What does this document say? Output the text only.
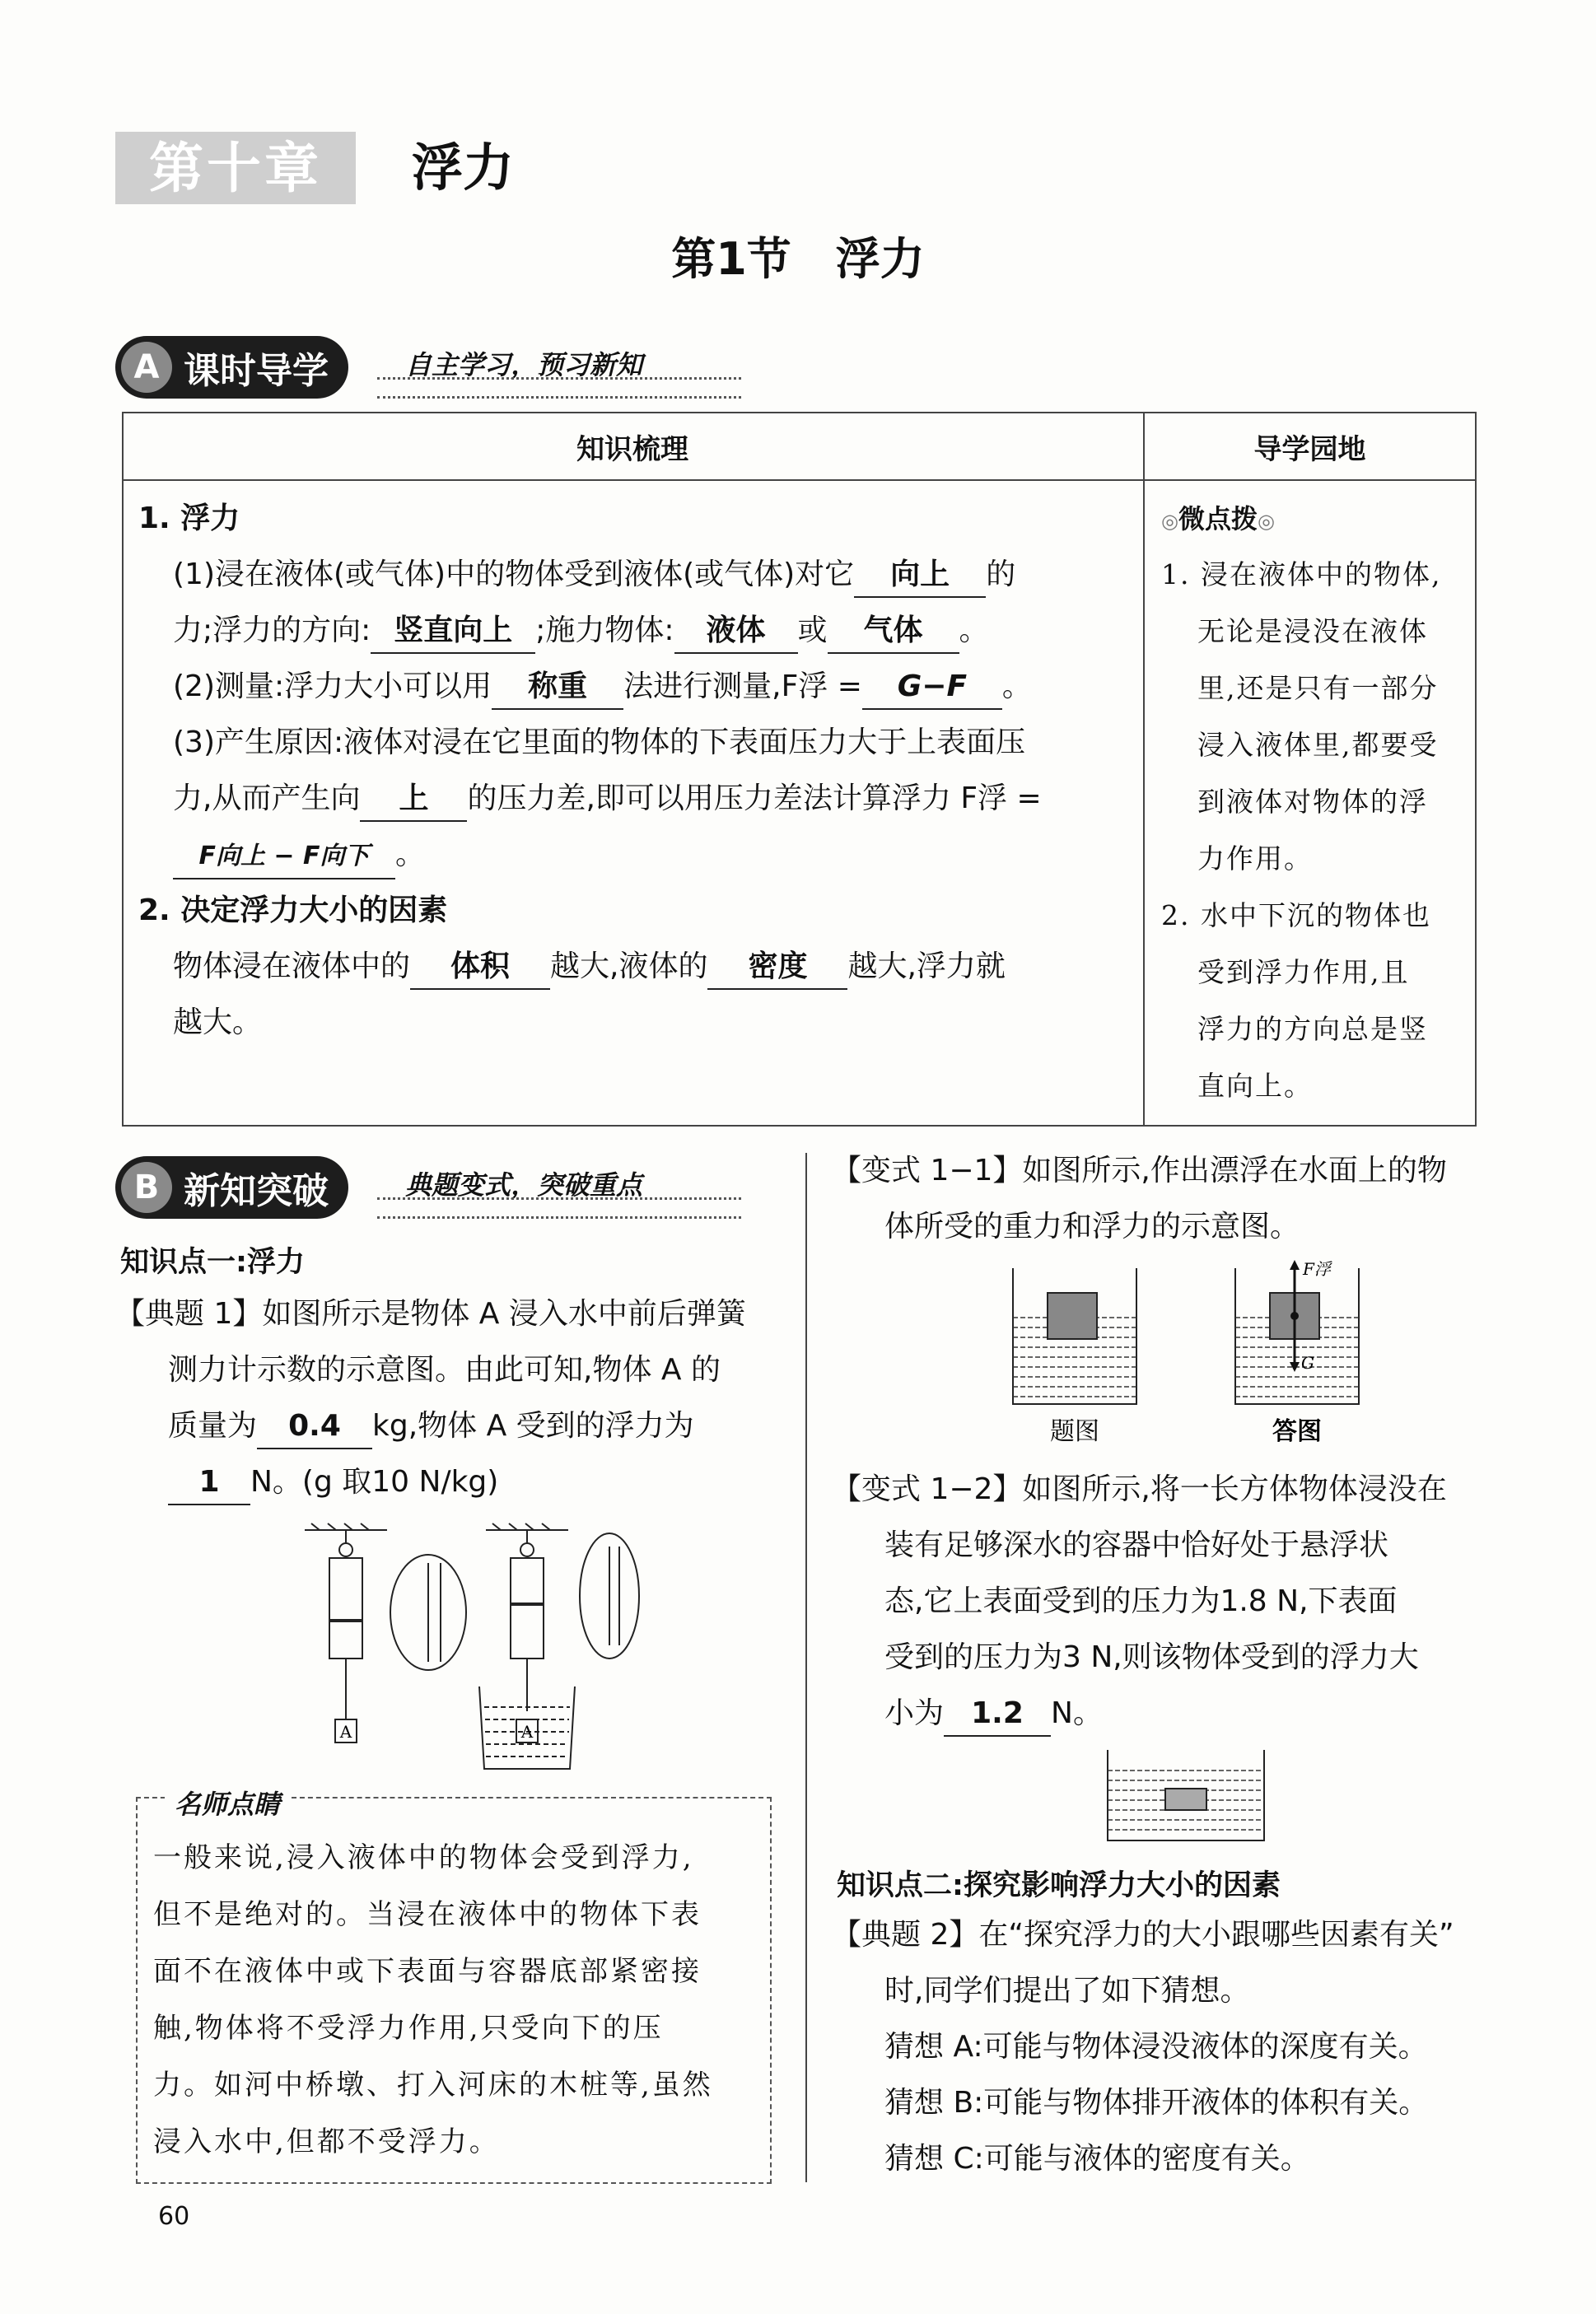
第十章	浮力
第1节　浮力
A 课时导学	自主学习，预习新知
知识梳理	导学园地
1. 浮力
(1)浸在液体(或气体)中的物体受到液体(或气体)对它 向上 的
力;浮力的方向: 竖直向上 ;施力物体: 液体 或 气体 。
(2)测量:浮力大小可以用 称重 法进行测量,F浮 = G−F 。
(3)产生原因:液体对浸在它里面的物体的下表面压力大于上表面压
力,从而产生向 上 的压力差,即可以用压力差法计算浮力 F浮 =
F向上 − F向下 。
2. 决定浮力大小的因素
物体浸在液体中的 体积 越大,液体的 密度 越大,浮力就
越大。
◎微点拨◎
1. 浸在液体中的物体,
无论是浸没在液体
里,还是只有一部分
浸入液体里,都要受
到液体对物体的浮
力作用。
2. 水中下沉的物体也
受到浮力作用,且
浮力的方向总是竖
直向上。
B 新知突破	典题变式，突破重点
知识点一:浮力
【典题 1】如图所示是物体 A 浸入水中前后弹簧
测力计示数的示意图。由此可知,物体 A 的
质量为 0.4 kg,物体 A 受到的浮力为
1 N。(g 取10 N/kg)
A	A
名师点睛
一般来说,浸入液体中的物体会受到浮力,
但不是绝对的。当浸在液体中的物体下表
面不在液体中或下表面与容器底部紧密接
触,物体将不受浮力作用,只受向下的压
力。如河中桥墩、打入河床的木桩等,虽然
浸入水中,但都不受浮力。
60
【变式 1−1】如图所示,作出漂浮在水面上的物
体所受的重力和浮力的示意图。
F浮
G
题图	答图
【变式 1−2】如图所示,将一长方体物体浸没在
装有足够深水的容器中恰好处于悬浮状
态,它上表面受到的压力为1.8 N,下表面
受到的压力为3 N,则该物体受到的浮力大
小为 1.2 N。
知识点二:探究影响浮力大小的因素
【典题 2】在“探究浮力的大小跟哪些因素有关”
时,同学们提出了如下猜想。
猜想 A:可能与物体浸没液体的深度有关。
猜想 B:可能与物体排开液体的体积有关。
猜想 C:可能与液体的密度有关。
